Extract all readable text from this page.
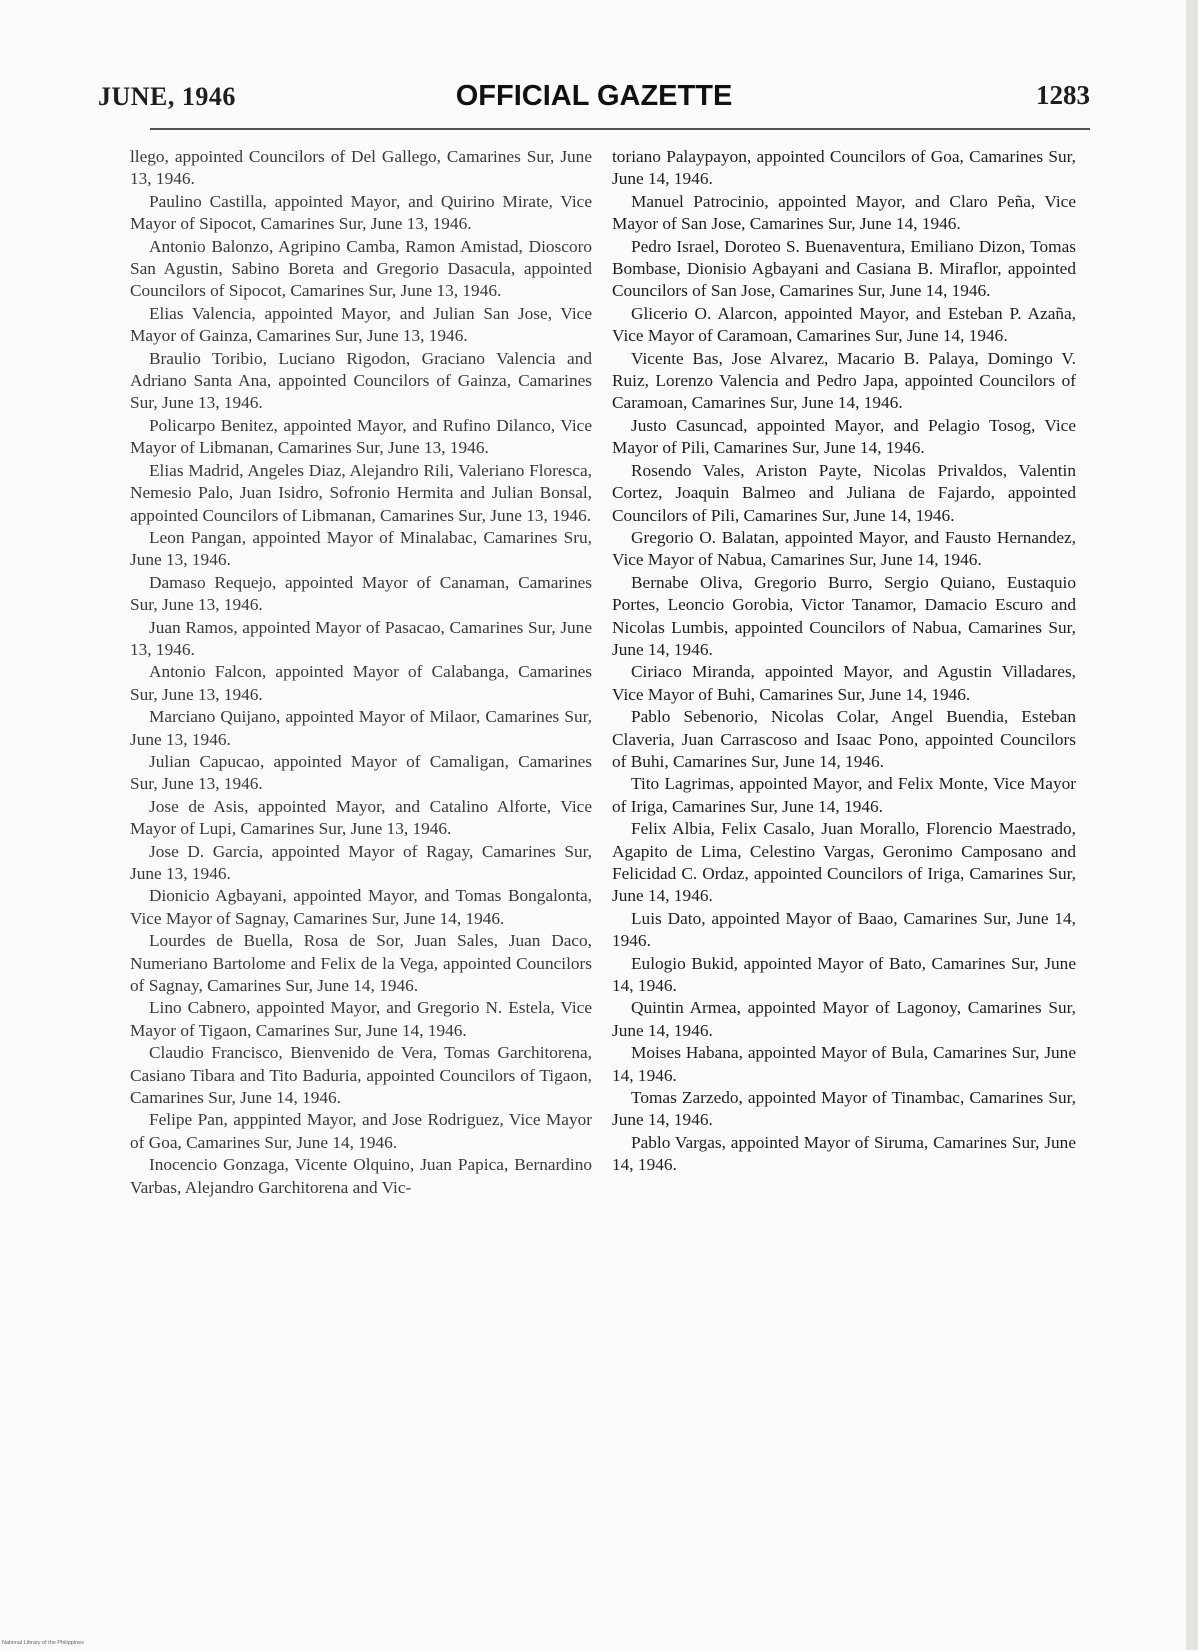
JUNE, 1946	OFFICIAL GAZETTE	1283

llego, appointed Councilors of Del Gallego, Camarines Sur, June 13, 1946.

Paulino Castilla, appointed Mayor, and Quirino Mirate, Vice Mayor of Sipocot, Camarines Sur, June 13, 1946.

Antonio Balonzo, Agripino Camba, Ramon Amistad, Dioscoro San Agustin, Sabino Boreta and Gregorio Dasacula, appointed Councilors of Sipocot, Camarines Sur, June 13, 1946.

Elias Valencia, appointed Mayor, and Julian San Jose, Vice Mayor of Gainza, Camarines Sur, June 13, 1946.

Braulio Toribio, Luciano Rigodon, Graciano Valencia and Adriano Santa Ana, appointed Councilors of Gainza, Camarines Sur, June 13, 1946.

Policarpo Benitez, appointed Mayor, and Rufino Dilanco, Vice Mayor of Libmanan, Camarines Sur, June 13, 1946.

Elias Madrid, Angeles Diaz, Alejandro Rili, Valeriano Floresca, Nemesio Palo, Juan Isidro, Sofronio Hermita and Julian Bonsal, appointed Councilors of Libmanan, Camarines Sur, June 13, 1946.

Leon Pangan, appointed Mayor of Minalabac, Camarines Sru, June 13, 1946.

Damaso Requejo, appointed Mayor of Canaman, Camarines Sur, June 13, 1946.

Juan Ramos, appointed Mayor of Pasacao, Camarines Sur, June 13, 1946.

Antonio Falcon, appointed Mayor of Calabanga, Camarines Sur, June 13, 1946.

Marciano Quijano, appointed Mayor of Milaor, Camarines Sur, June 13, 1946.

Julian Capucao, appointed Mayor of Camaligan, Camarines Sur, June 13, 1946.

Jose de Asis, appointed Mayor, and Catalino Alforte, Vice Mayor of Lupi, Camarines Sur, June 13, 1946.

Jose D. Garcia, appointed Mayor of Ragay, Camarines Sur, June 13, 1946.

Dionicio Agbayani, appointed Mayor, and Tomas Bongalonta, Vice Mayor of Sagnay, Camarines Sur, June 14, 1946.

Lourdes de Buella, Rosa de Sor, Juan Sales, Juan Daco, Numeriano Bartolome and Felix de la Vega, appointed Councilors of Sagnay, Camarines Sur, June 14, 1946.

Lino Cabnero, appointed Mayor, and Gregorio N. Estela, Vice Mayor of Tigaon, Camarines Sur, June 14, 1946.

Claudio Francisco, Bienvenido de Vera, Tomas Garchitorena, Casiano Tibara and Tito Baduria, appointed Councilors of Tigaon, Camarines Sur, June 14, 1946.

Felipe Pan, apppinted Mayor, and Jose Rodriguez, Vice Mayor of Goa, Camarines Sur, June 14, 1946.

Inocencio Gonzaga, Vicente Olquino, Juan Papica, Bernardino Varbas, Alejandro Garchitorena and Vic-

toriano Palaypayon, appointed Councilors of Goa, Camarines Sur, June 14, 1946.

Manuel Patrocinio, appointed Mayor, and Claro Peña, Vice Mayor of San Jose, Camarines Sur, June 14, 1946.

Pedro Israel, Doroteo S. Buenaventura, Emiliano Dizon, Tomas Bombase, Dionisio Agbayani and Casiana B. Miraflor, appointed Councilors of San Jose, Camarines Sur, June 14, 1946.

Glicerio O. Alarcon, appointed Mayor, and Esteban P. Azaña, Vice Mayor of Caramoan, Camarines Sur, June 14, 1946.

Vicente Bas, Jose Alvarez, Macario B. Palaya, Domingo V. Ruiz, Lorenzo Valencia and Pedro Japa, appointed Councilors of Caramoan, Camarines Sur, June 14, 1946.

Justo Casuncad, appointed Mayor, and Pelagio Tosog, Vice Mayor of Pili, Camarines Sur, June 14, 1946.

Rosendo Vales, Ariston Payte, Nicolas Privaldos, Valentin Cortez, Joaquin Balmeo and Juliana de Fajardo, appointed Councilors of Pili, Camarines Sur, June 14, 1946.

Gregorio O. Balatan, appointed Mayor, and Fausto Hernandez, Vice Mayor of Nabua, Camarines Sur, June 14, 1946.

Bernabe Oliva, Gregorio Burro, Sergio Quiano, Eustaquio Portes, Leoncio Gorobia, Victor Tanamor, Damacio Escuro and Nicolas Lumbis, appointed Councilors of Nabua, Camarines Sur, June 14, 1946.

Ciriaco Miranda, appointed Mayor, and Agustin Villadares, Vice Mayor of Buhi, Camarines Sur, June 14, 1946.

Pablo Sebenorio, Nicolas Colar, Angel Buendia, Esteban Claveria, Juan Carrascoso and Isaac Pono, appointed Councilors of Buhi, Camarines Sur, June 14, 1946.

Tito Lagrimas, appointed Mayor, and Felix Monte, Vice Mayor of Iriga, Camarines Sur, June 14, 1946.

Felix Albia, Felix Casalo, Juan Morallo, Florencio Maestrado, Agapito de Lima, Celestino Vargas, Geronimo Camposano and Felicidad C. Ordaz, appointed Councilors of Iriga, Camarines Sur, June 14, 1946.

Luis Dato, appointed Mayor of Baao, Camarines Sur, June 14, 1946.

Eulogio Bukid, appointed Mayor of Bato, Camarines Sur, June 14, 1946.

Quintin Armea, appointed Mayor of Lagonoy, Camarines Sur, June 14, 1946.

Moises Habana, appointed Mayor of Bula, Camarines Sur, June 14, 1946.

Tomas Zarzedo, appointed Mayor of Tinambac, Camarines Sur, June 14, 1946.

Pablo Vargas, appointed Mayor of Siruma, Camarines Sur, June 14, 1946.

National Library of the Philippines
